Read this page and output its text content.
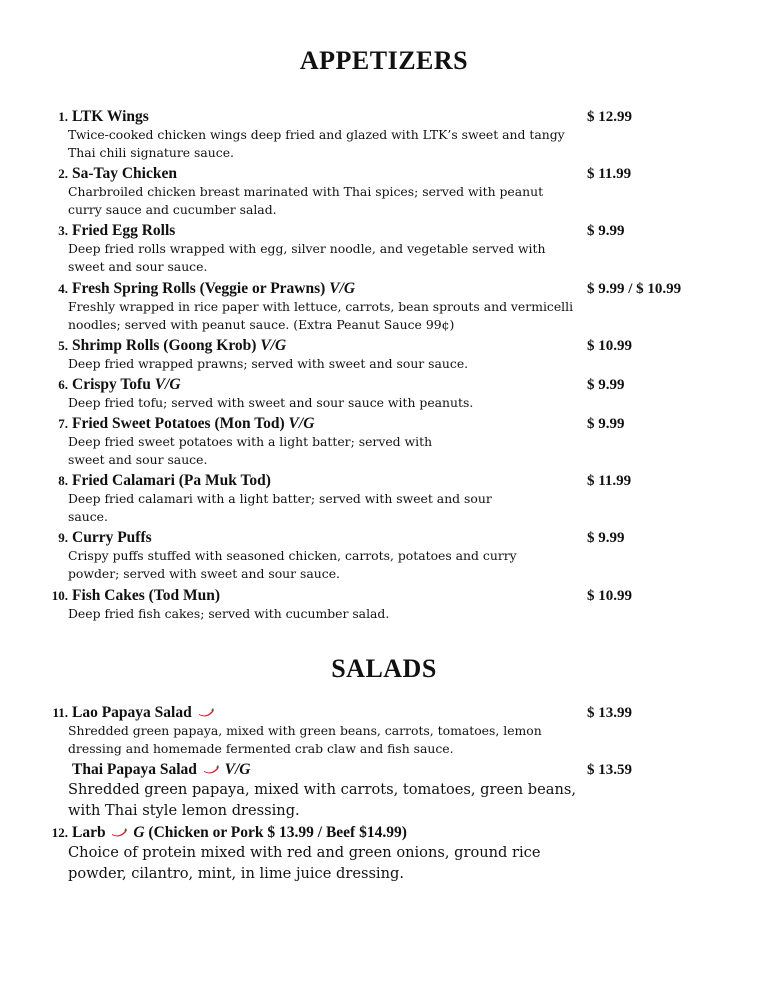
APPETIZERS
1. LTK Wings	$ 12.99
Twice-cooked chicken wings deep fried and glazed with LTK’s sweet and tangy Thai chili signature sauce.
2. Sa-Tay Chicken	$ 11.99
Charbroiled chicken breast marinated with Thai spices; served with peanut curry sauce and cucumber salad.
3. Fried Egg Rolls	$ 9.99
Deep fried rolls wrapped with egg, silver noodle, and vegetable served with sweet and sour sauce.
4. Fresh Spring Rolls (Veggie or Prawns) V/G	$ 9.99 / $ 10.99
Freshly wrapped in rice paper with lettuce, carrots, bean sprouts and vermicelli noodles; served with peanut sauce. (Extra Peanut Sauce 99¢)
5. Shrimp Rolls (Goong Krob) V/G	$ 10.99
Deep fried wrapped prawns; served with sweet and sour sauce.
6. Crispy Tofu V/G	$ 9.99
Deep fried tofu; served with sweet and sour sauce with peanuts.
7. Fried Sweet Potatoes (Mon Tod) V/G	$ 9.99
Deep fried sweet potatoes with a light batter; served with sweet and sour sauce.
8. Fried Calamari (Pa Muk Tod)	$ 11.99
Deep fried calamari with a light batter; served with sweet and sour sauce.
9. Curry Puffs	$ 9.99
Crispy puffs stuffed with seasoned chicken, carrots, potatoes and curry powder; served with sweet and sour sauce.
10. Fish Cakes (Tod Mun)	$ 10.99
Deep fried fish cakes; served with cucumber salad.
SALADS
11. Lao Papaya Salad	$ 13.99
Shredded green papaya, mixed with green beans, carrots, tomatoes, lemon dressing and homemade fermented crab claw and fish sauce.
Thai Papaya Salad V/G	$ 13.59
Shredded green papaya, mixed with carrots, tomatoes, green beans, with Thai style lemon dressing.
12. Larb G (Chicken or Pork $ 13.99 / Beef $14.99)
Choice of protein mixed with red and green onions, ground rice powder, cilantro, mint, in lime juice dressing.
